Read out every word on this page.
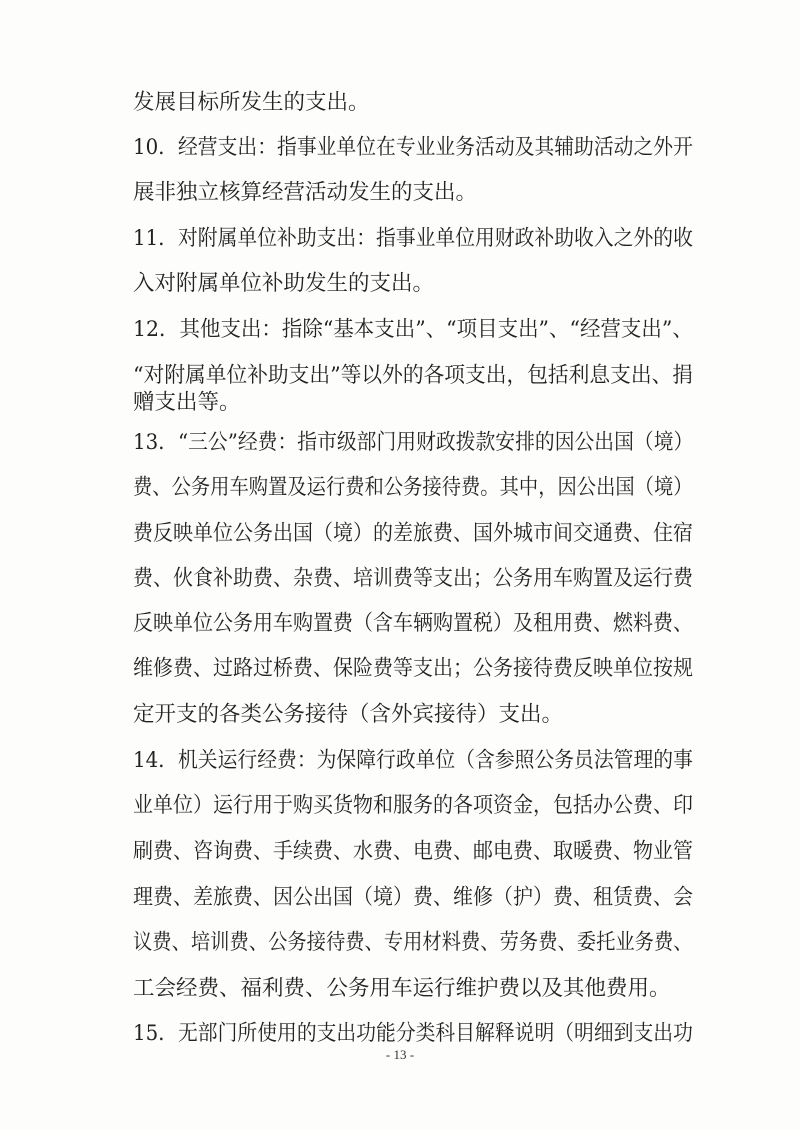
发展目标所发生的支出。
10．经营支出：指事业单位在专业业务活动及其辅助活动之外开
展非独立核算经营活动发生的支出。
11．对附属单位补助支出：指事业单位用财政补助收入之外的收
入对附属单位补助发生的支出。
12．其他支出：指除“基本支出”、“项目支出”、“经营支出”、
“对附属单位补助支出”等以外的各项支出，包括利息支出、捐
赠支出等。
13．“三公”经费：指市级部门用财政拨款安排的因公出国（境）
费、公务用车购置及运行费和公务接待费。其中，因公出国（境）
费反映单位公务出国（境）的差旅费、国外城市间交通费、住宿
费、伙食补助费、杂费、培训费等支出；公务用车购置及运行费
反映单位公务用车购置费（含车辆购置税）及租用费、燃料费、
维修费、过路过桥费、保险费等支出；公务接待费反映单位按规
定开支的各类公务接待（含外宾接待）支出。
14．机关运行经费：为保障行政单位（含参照公务员法管理的事
业单位）运行用于购买货物和服务的各项资金，包括办公费、印
刷费、咨询费、手续费、水费、电费、邮电费、取暖费、物业管
理费、差旅费、因公出国（境）费、维修（护）费、租赁费、会
议费、培训费、公务接待费、专用材料费、劳务费、委托业务费、
工会经费、福利费、公务用车运行维护费以及其他费用。
15．无部门所使用的支出功能分类科目解释说明（明细到支出功
- 13 -
